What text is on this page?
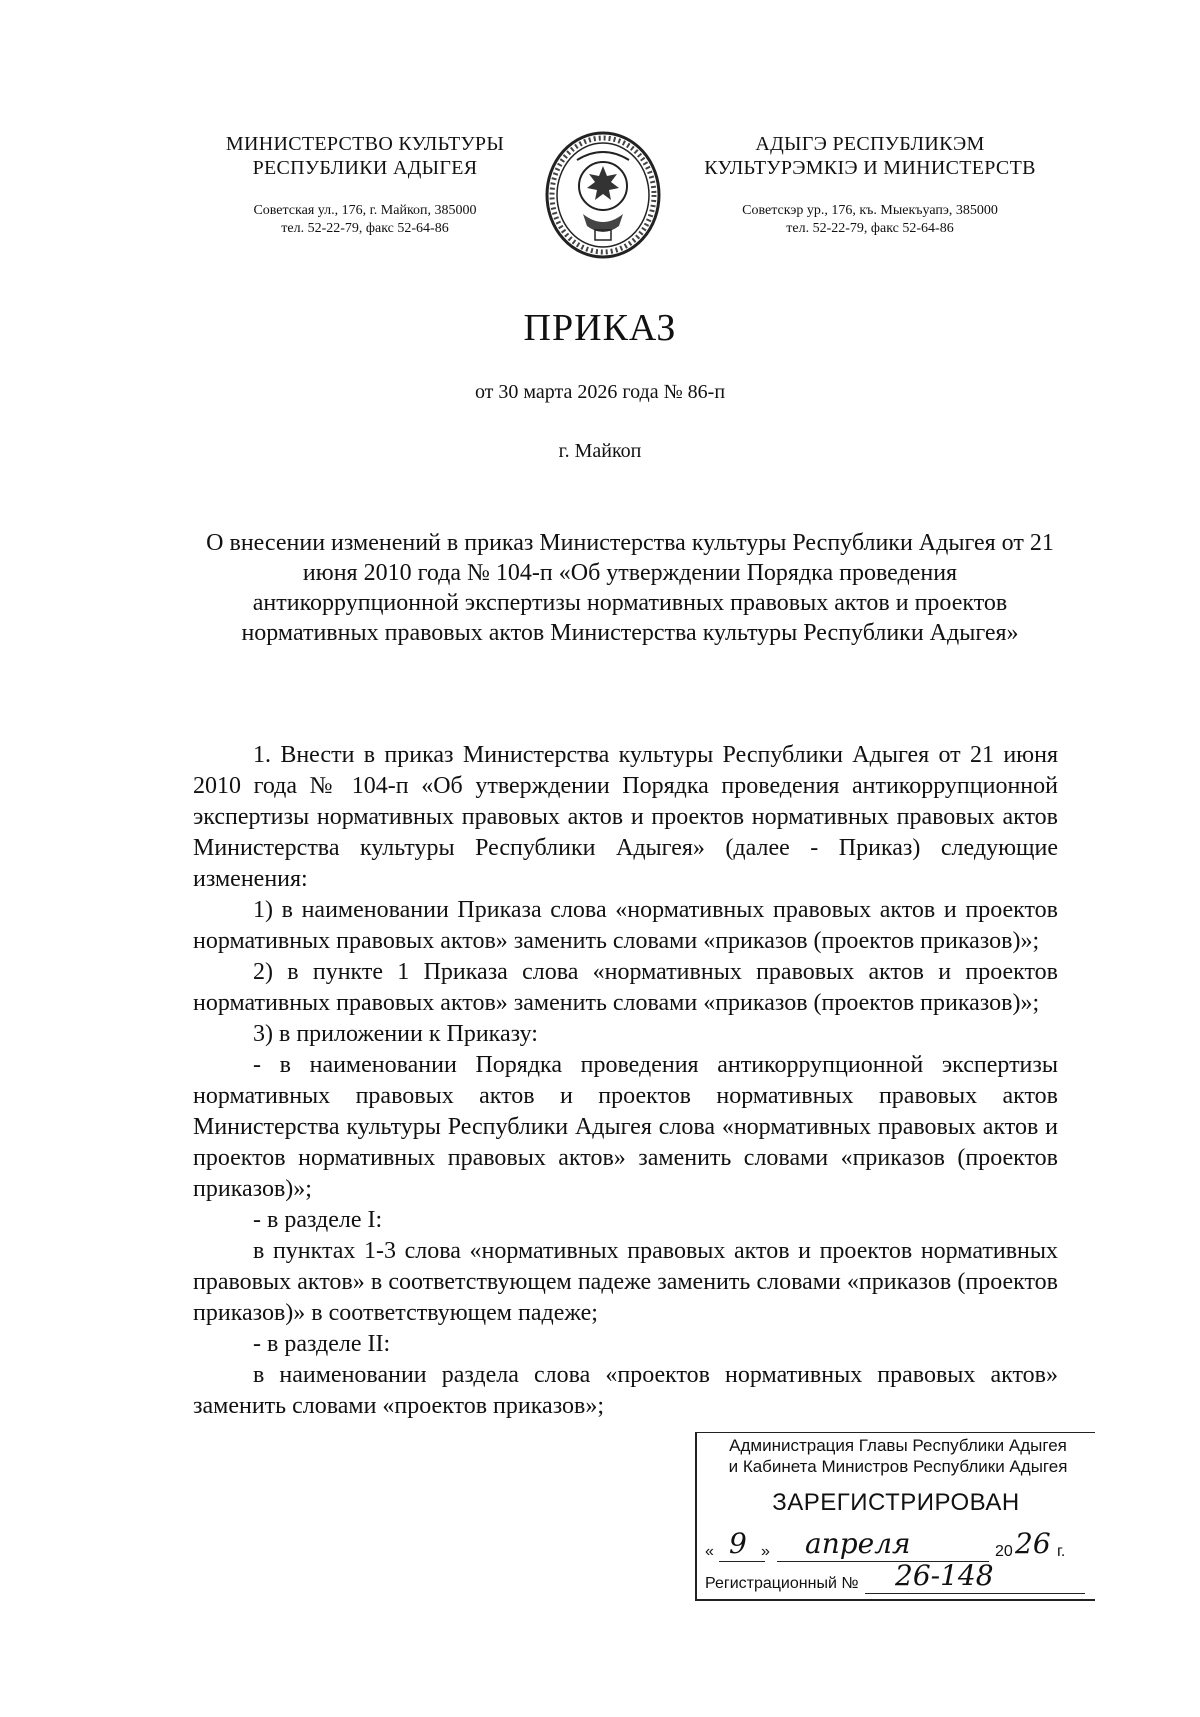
МИНИСТЕРСТВО КУЛЬТУРЫ
РЕСПУБЛИКИ АДЫГЕЯ
Советская ул., 176, г. Майкоп, 385000
тел. 52-22-79, факс 52-64-86
АДЫГЭ РЕСПУБЛИКЭМ
КУЛЬТУРЭМКIЭ И МИНИСТЕРСТВ
Советскэр ур., 176, къ. Мыекъуапэ, 385000
тел. 52-22-79, факс 52-64-86
ПРИКАЗ
от 30 марта 2026 года № 86-п
г. Майкоп
О внесении изменений в приказ Министерства культуры Республики Адыгея от 21 июня 2010 года № 104-п «Об утверждении Порядка проведения антикоррупционной экспертизы нормативных правовых актов и проектов нормативных правовых актов Министерства культуры Республики Адыгея»

1. Внести в приказ Министерства культуры Республики Адыгея от 21 июня 2010 года № 104-п «Об утверждении Порядка проведения антикоррупционной экспертизы нормативных правовых актов и проектов нормативных правовых актов Министерства культуры Республики Адыгея» (далее - Приказ) следующие изменения:

1) в наименовании Приказа слова «нормативных правовых актов и проектов нормативных правовых актов» заменить словами «приказов (проектов приказов)»;

2) в пункте 1 Приказа слова «нормативных правовых актов и проектов нормативных правовых актов» заменить словами «приказов (проектов приказов)»;

3) в приложении к Приказу:

- в наименовании Порядка проведения антикоррупционной экспертизы нормативных правовых актов и проектов нормативных правовых актов Министерства культуры Республики Адыгея слова «нормативных правовых актов и проектов нормативных правовых актов» заменить словами «приказов (проектов приказов)»;

- в разделе I:

в пунктах 1-3 слова «нормативных правовых актов и проектов нормативных правовых актов» в соответствующем падеже заменить словами «приказов (проектов приказов)» в соответствующем падеже;

- в разделе II:

в наименовании раздела слова «проектов нормативных правовых актов» заменить словами «проектов приказов»;

Администрация Главы Республики Адыгея
и Кабинета Министров Республики Адыгея
ЗАРЕГИСТРИРОВАН
« 9 » апреля	20 26 г.
Регистрационный № 26-148
